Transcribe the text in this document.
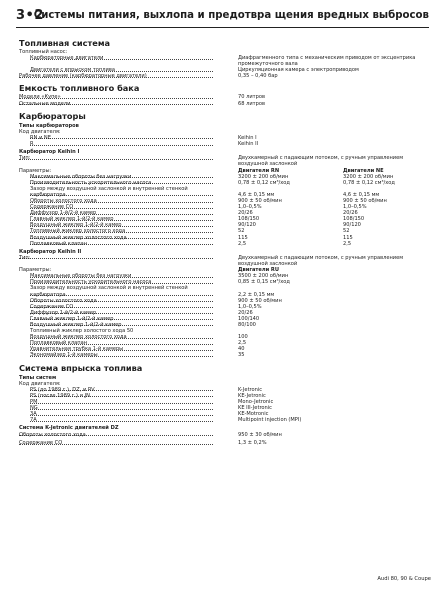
3•2
Системы питания, выхлопа и предотвра щения вредных выбросов
Топливная система
Топливный насос:
Карбюраторные двигатели	Диафрагменного типа с механическим приводом от эксцентрика промежуточного вала
Двигатели с впрыском топлива	Циркуляционная камера с электроприводом
Рабочее давление (карбюраторные двигатели)	0,35 – 0,40 бар
Емкость топливного бака
Модели «Купе»	70 литров
Остальные модели	68 литров
Карбюраторы
Типы карбюраторов
Код двигателя:
RN и NE	Keihin I
R	Keihin II
Карбюратор Keihin I
Тип:	Двухкамерный с падающим потоком, с ручным управлением воздушной заслонкой
Параметры:	Двигатели RN	Двигатели NE
Максимальные обороты без нагрузки	3200 ± 200 об/мин	3200 ± 200 об/мин
Производительность ускорительного насоса	0,78 ± 0,12 см³/ход	0,78 ± 0,12 см³/ход
Зазор между воздушной заслонкой и внутренней стенкой
карбюратора	4,6 ± 0,15 мм	4,6 ± 0,15 мм
Обороты холостого хода	900 ± 50 об/мин	900 ± 50 об/мин
Содержание CO	1,0–0,5%	1,0–0,5%
Диффузор 1-й/2-й камер	20/26	20/26
Главный жиклер 1-й/2-й камер	108/150	108/150
Воздушный жиклер 1-й/2-й камер	90/120	90/120
Топливный жиклер холостого хода	52	52
Воздушный жиклер холостого хода	115	115
Поплавковый клапан	2,5	2,5
Карбюратор Keihin II
Тип:	Двухкамерный с падающим потоком, с ручным управлением воздушной заслонкой
Параметры:	Двигатели RU
Максимальные обороты без нагрузки	3500 ± 200 об/мин
Производительность ускорительного насоса	0,85 ± 0,15 см³/ход
Зазор между воздушной заслонкой и внутренней стенкой
карбюратора	2,2 ± 0,15 мм
Обороты холостого хода	900 ± 50 об/мин
Содержание CO	1,0–0,5%
Диффузор 1-й/2-й камер	20/26
Главный жиклер 1-й/2-й камер	100/140
Воздушный жиклер 1-й/2-й камер	80/100
Топливный жиклер холостого хода 50
Воздушный жиклер холостого хода	100
Поплавковый клапан	2,5
Уравнительная трубка 1-й камеры	40
Экономайзер 1-й камеры	35
Система впрыска топлива
Типы систем
Код двигателя:
PS (до 1989 г.), DZ, и RV	K-Jetronic
PS (после 1989 г.) и JN	KE-Jetronic
PM	Mono-Jetronic
NG	KE III-Jetronic
3A	KE-Motronic
7A	Multipoint injection (MPI)
Система K-Jetronic двигателей DZ
Обороты холостого хода	950 ± 30 об/мин
Содержание CO	1,3 ± 0,2%
Audi 80, 90 & Coupe
